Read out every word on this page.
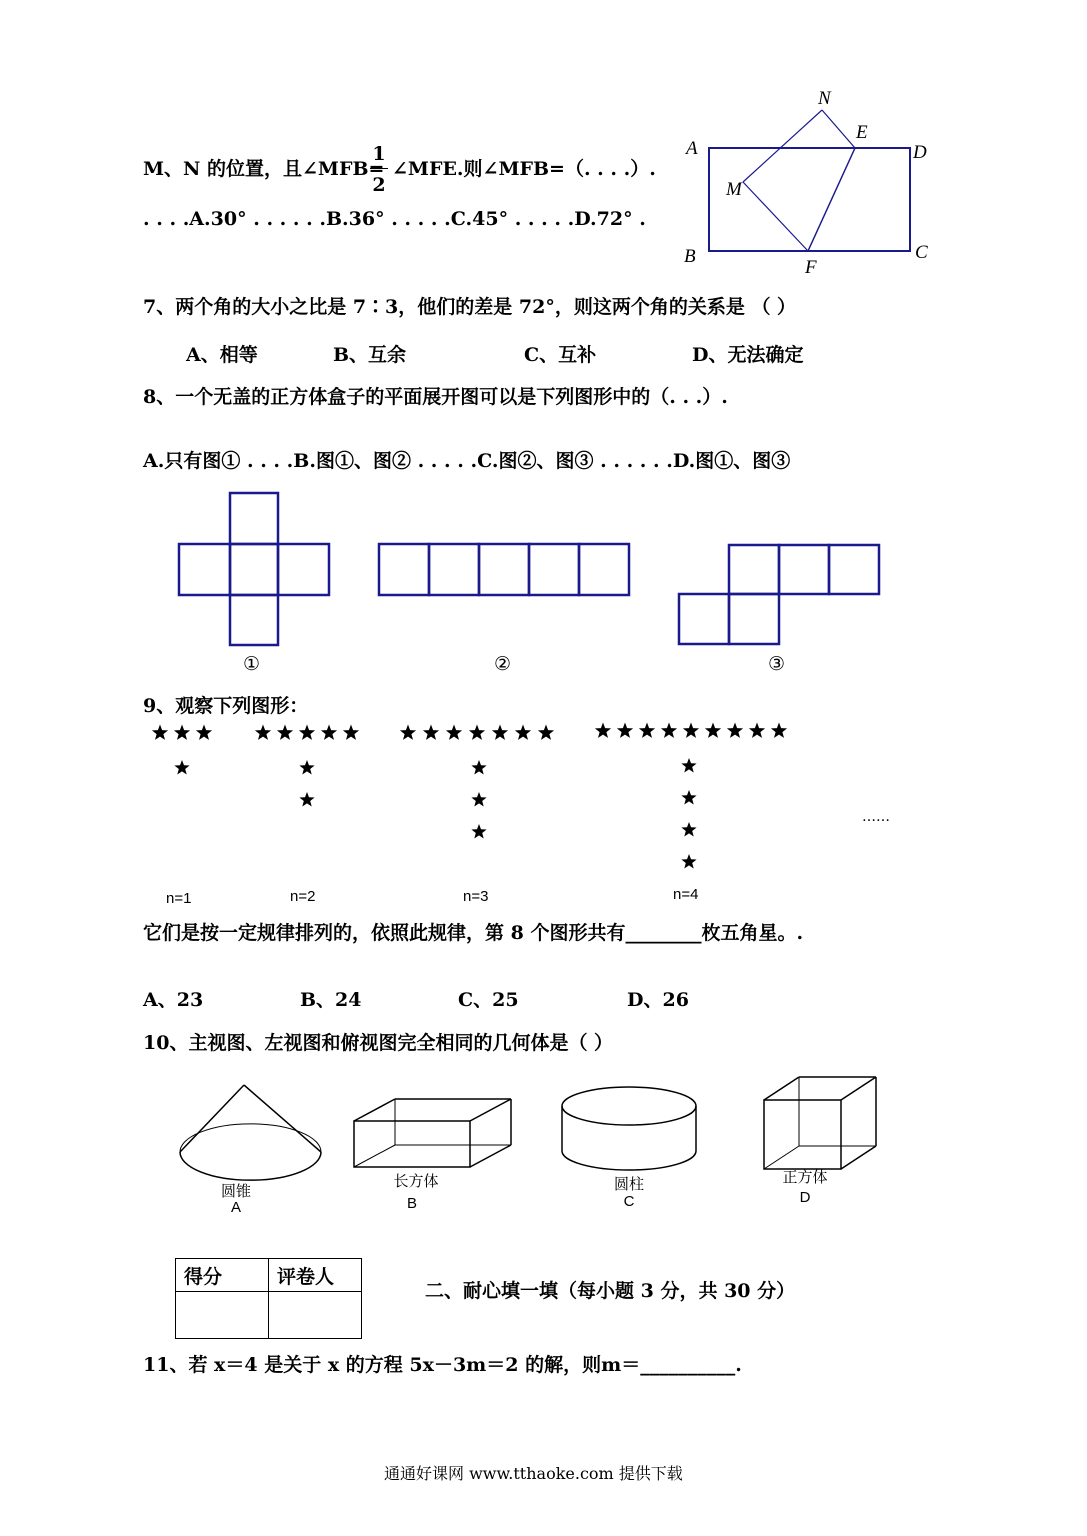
M、N 的位置，且∠MFB=
1
2
∠MFE.则∠MFB=（. . . .）.
. . . .A.30° . . . . . .B.36° . . . . .C.45° . . . . .D.72° .
A	D
B	C
N
E
M
F
7、两个角的大小之比是 7∶3，他们的差是 72°，则这两个角的关系是 （ ）
A、相等	B、互余	C、互补	D、无法确定
8、一个无盖的正方体盒子的平面展开图可以是下列图形中的（. . .）.
A.只有图① . . . .B.图①、图② . . . . .C.图②、图③ . . . . . .D.图①、图③
①	②	③
9、观察下列图形：
n=1	n=2	n=3	n=4
……
它们是按一定规律排列的，依照此规律，第 8 个图形共有________枚五角星。.
A、23	B、24	C、25	D、26
10、主视图、左视图和俯视图完全相同的几何体是（ ）
圆锥
A
长方体
B
圆柱
C
正方体
D
得分	评卷人

二、耐心填一填（每小题 3 分，共 30 分）
11、若 x＝4 是关于 x 的方程 5x－3m＝2 的解，则m＝__________.
通通好课网 www.tthaoke.com 提供下载
